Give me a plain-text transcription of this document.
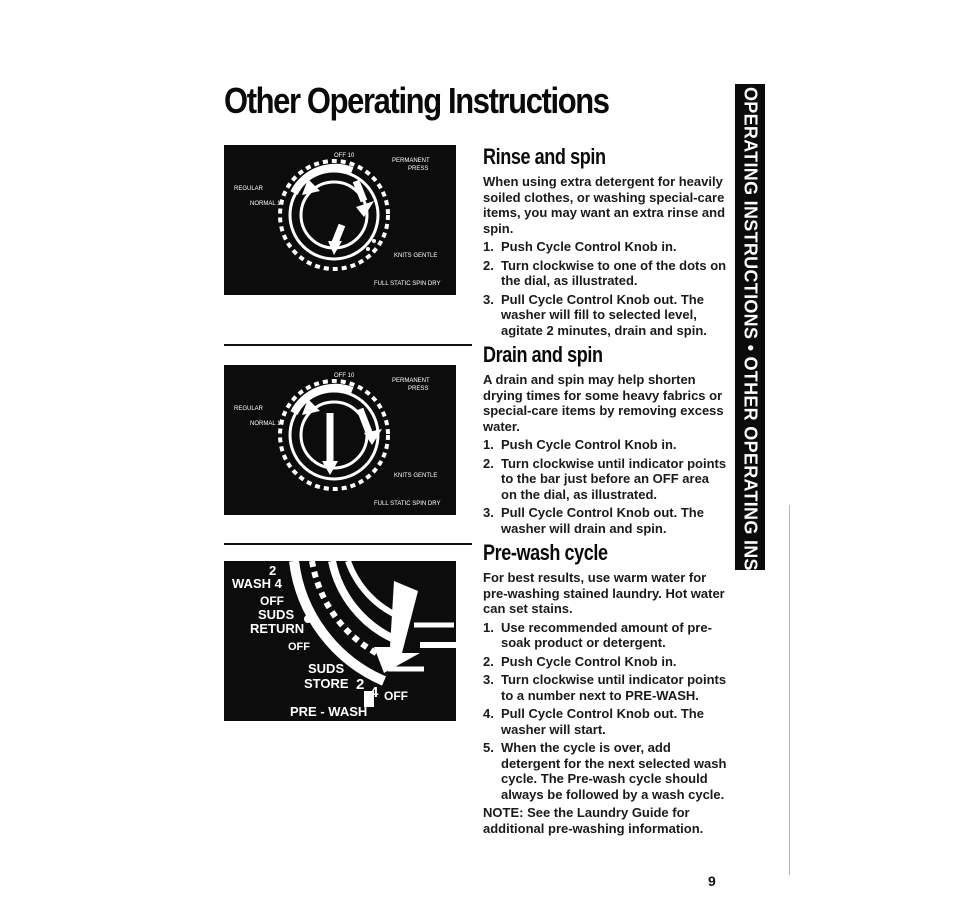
Other Operating Instructions
OFF 10
REGULAR
NORMAL 10
PERMANENT
PRESS
KNITS GENTLE
FULL STATIC SPIN DRY
OFF 10
REGULAR
NORMAL 10
PERMANENT
PRESS
KNITS GENTLE
FULL STATIC SPIN DRY
2
WASH 4
OFF
SUDS
RETURN
OFF
SUDS
STORE 2 4 OFF
PRE - WASH
Rinse and spin

When using extra detergent for heavily soiled clothes, or washing special-care items, you may want an extra rinse and spin.

1. Push Cycle Control Knob in.
2. Turn clockwise to one of the dots on the dial, as illustrated.
3. Pull Cycle Control Knob out. The washer will fill to selected level, agitate 2 minutes, drain and spin.
Drain and spin

A drain and spin may help shorten drying times for some heavy fabrics or special-care items by removing excess water.

1. Push Cycle Control Knob in.
2. Turn clockwise until indicator points to the bar just before an OFF area on the dial, as illustrated.
3. Pull Cycle Control Knob out. The washer will drain and spin.
Pre-wash cycle

For best results, use warm water for pre-washing stained laundry. Hot water can set stains.

1. Use recommended amount of pre-soak product or detergent.
2. Push Cycle Control Knob in.
3. Turn clockwise until indicator points to a number next to PRE-WASH.
4. Pull Cycle Control Knob out. The washer will start.
5. When the cycle is over, add detergent for the next selected wash cycle. The Pre-wash cycle should always be followed by a wash cycle.

NOTE: See the Laundry Guide for additional pre-washing information.

OPERATING INSTRUCTIONS • OTHER OPERATING INSTRUCTIONS
9
